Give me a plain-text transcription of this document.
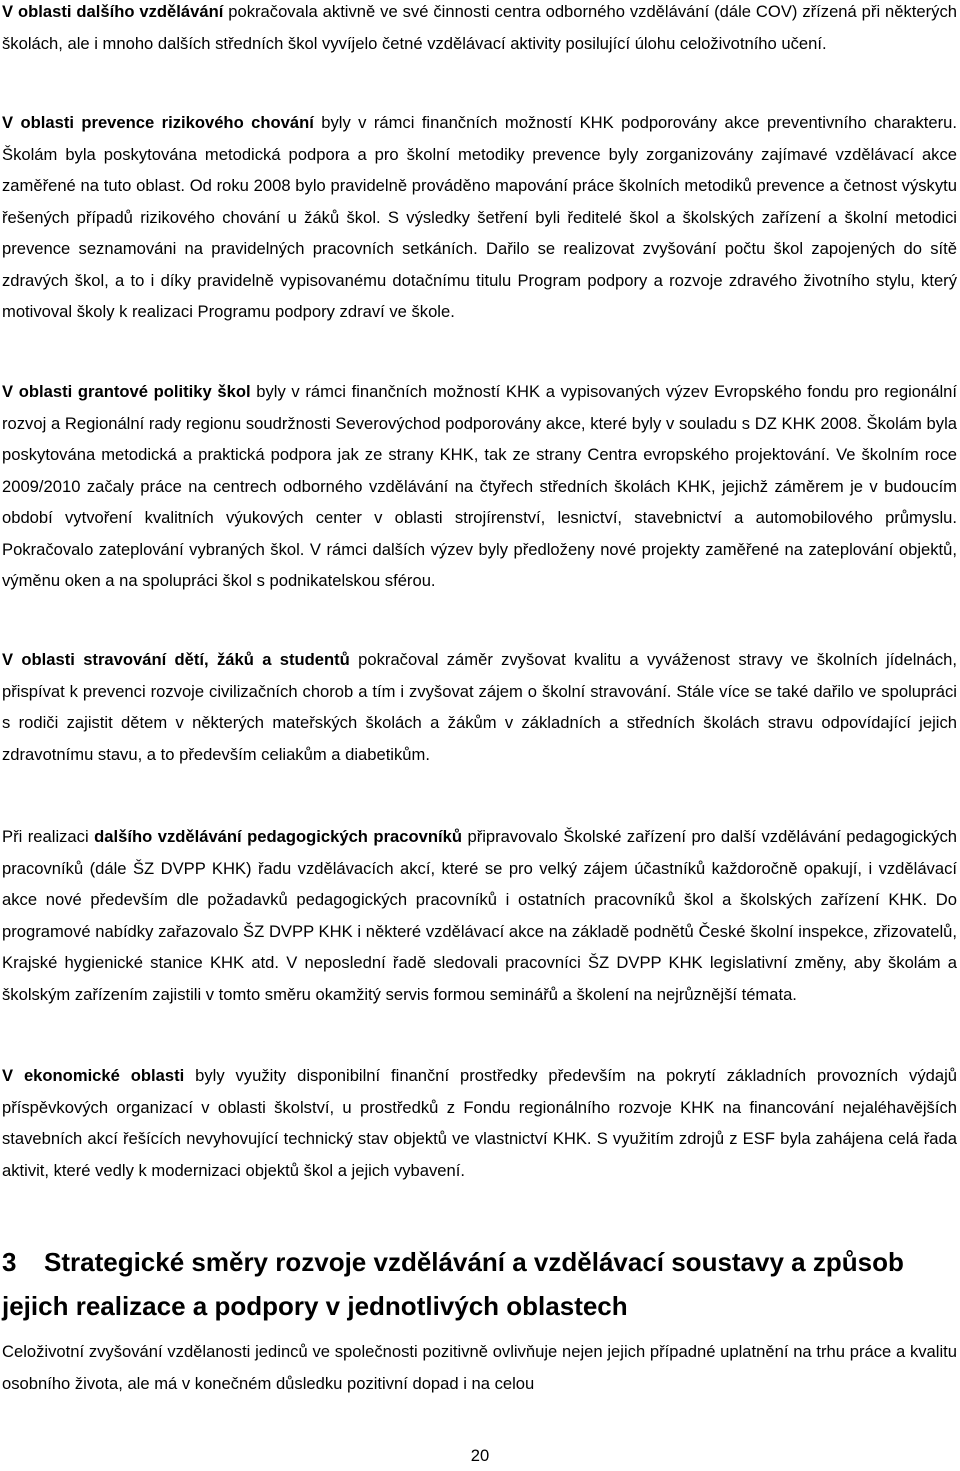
V oblasti dalšího vzdělávání pokračovala aktivně ve své činnosti centra odborného vzdělávání (dále COV) zřízená při některých školách, ale i mnoho dalších středních škol vyvíjelo četné vzdělávací aktivity posilující úlohu celoživotního učení.

V oblasti prevence rizikového chování byly v rámci finančních možností KHK podporovány akce preventivního charakteru. Školám byla poskytována metodická podpora a pro školní metodiky prevence byly zorganizovány zajímavé vzdělávací akce zaměřené na tuto oblast. Od roku 2008 bylo pravidelně prováděno mapování práce školních metodiků prevence a četnost výskytu řešených případů rizikového chování u žáků škol. S výsledky šetření byli ředitelé škol a školských zařízení a školní metodici prevence seznamováni na pravidelných pracovních setkáních. Dařilo se realizovat zvyšování počtu škol zapojených do sítě zdravých škol, a to i díky pravidelně vypisovanému dotačnímu titulu Program podpory a rozvoje zdravého životního stylu, který motivoval školy k realizaci Programu podpory zdraví ve škole.

V oblasti grantové politiky škol byly v rámci finančních možností KHK a vypisovaných výzev Evropského fondu pro regionální rozvoj a Regionální rady regionu soudržnosti Severovýchod podporovány akce, které byly v souladu s DZ KHK 2008. Školám byla poskytována metodická a praktická podpora jak ze strany KHK, tak ze strany Centra evropského projektování. Ve školním roce 2009/2010 začaly práce na centrech odborného vzdělávání na čtyřech středních školách KHK, jejichž záměrem je v budoucím období vytvoření kvalitních výukových center v oblasti strojírenství, lesnictví, stavebnictví a automobilového průmyslu. Pokračovalo zateplování vybraných škol. V rámci dalších výzev byly předloženy nové projekty zaměřené na zateplování objektů, výměnu oken a na spolupráci škol s podnikatelskou sférou.

V oblasti stravování dětí, žáků a studentů pokračoval záměr zvyšovat kvalitu a vyváženost stravy ve školních jídelnách, přispívat k prevenci rozvoje civilizačních chorob a tím i zvyšovat zájem o školní stravování. Stále více se také dařilo ve spolupráci s rodiči zajistit dětem v některých mateřských školách a žákům v základních a středních školách stravu odpovídající jejich zdravotnímu stavu, a to především celiakům a diabetikům.

Při realizaci dalšího vzdělávání pedagogických pracovníků připravovalo Školské zařízení pro další vzdělávání pedagogických pracovníků (dále ŠZ DVPP KHK) řadu vzdělávacích akcí, které se pro velký zájem účastníků každoročně opakují, i vzdělávací akce nové především dle požadavků pedagogických pracovníků i ostatních pracovníků škol a školských zařízení KHK. Do programové nabídky zařazovalo ŠZ DVPP KHK i některé vzdělávací akce na základě podnětů České školní inspekce, zřizovatelů, Krajské hygienické stanice KHK atd. V neposlední řadě sledovali pracovníci ŠZ DVPP KHK legislativní změny, aby školám a školským zařízením zajistili v tomto směru okamžitý servis formou seminářů a školení na nejrůznější témata.

V ekonomické oblasti byly využity disponibilní finanční prostředky především na pokrytí základních provozních výdajů příspěvkových organizací v oblasti školství, u prostředků z Fondu regionálního rozvoje KHK na financování nejaléhavějších stavebních akcí řešících nevyhovující technický stav objektů ve vlastnictví KHK. S využitím zdrojů z ESF byla zahájena celá řada aktivit, které vedly k modernizaci objektů škol a jejich vybavení.

3 Strategické směry rozvoje vzdělávání a vzdělávací soustavy a způsob jejich realizace a podpory v jednotlivých oblastech

Celoživotní zvyšování vzdělanosti jedinců ve společnosti pozitivně ovlivňuje nejen jejich případné uplatnění na trhu práce a kvalitu osobního života, ale má v konečném důsledku pozitivní dopad i na celou

20
